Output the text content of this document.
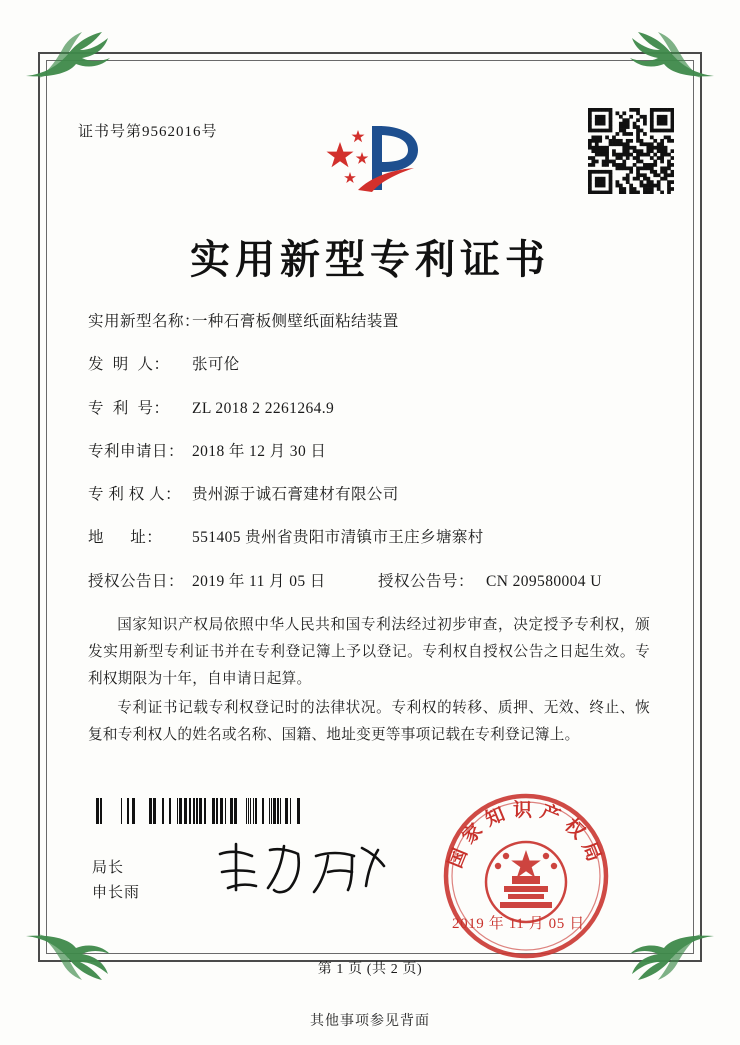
证书号第9562016号
实用新型专利证书
实用新型名称：
一种石膏板侧壁纸面粘结装置
发  明  人：	张可伦
专  利  号：	ZL 2018 2 2261264.9
专利申请日： 2018 年 12 月 30 日
专 利 权 人： 贵州源于诚石膏建材有限公司
地      址：	551405 贵州省贵阳市清镇市王庄乡塘寨村
授权公告日： 2019 年 11 月 05 日	授权公告号： CN 209580004 U

国家知识产权局依照中华人民共和国专利法经过初步审查，决定授予专利权，颁发实用新型专利证书并在专利登记簿上予以登记。专利权自授权公告之日起生效。专利权期限为十年，自申请日起算。

专利证书记载专利权登记时的法律状况。专利权的转移、质押、无效、终止、恢复和专利权人的姓名或名称、国籍、地址变更等事项记载在专利登记簿上。

局长
申长雨
国家知识产权局
2019 年 11 月 05 日
第 1 页 (共 2 页)
其他事项参见背面
